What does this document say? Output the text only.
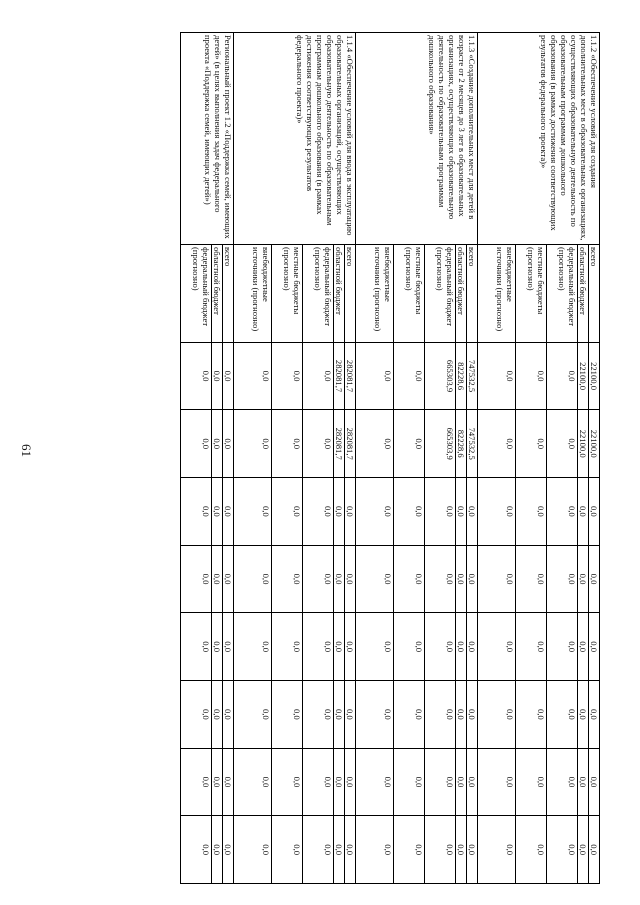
61
1.1.2 «Обеспечение условий для создания дополнительных мест в образовательных организациях, осуществляющих образовательную деятельность по образовательным программам дошкольного образования (в рамках достижения соответствующих результатов федерального проекта)»	всего	22100,0	22100,0	0,0	0,0	0,0	0,0	0,0	0,0
	областной бюджет	22100,0	22100,0	0,0	0,0	0,0	0,0	0,0	0,0
	федеральный бюджет (прогнозно)	0,0	0,0	0,0	0,0	0,0	0,0	0,0	0,0
	местные бюджеты (прогнозно)	0,0	0,0	0,0	0,0	0,0	0,0	0,0	0,0
	внебюджетные источники (прогнозно)	0,0	0,0	0,0	0,0	0,0	0,0	0,0	0,0
1.1.3 «Создание дополнительных мест для детей в возрасте от 2 месяцев до 3 лет в образовательных организациях, осуществляющих образовательную деятельность по образовательным программам дошкольного образования»	всего	747532,5	747532,5	0,0	0,0	0,0	0,0	0,0	0,0
	областной бюджет	82228,6	82228,6	0,0	0,0	0,0	0,0	0,0	0,0
	федеральный бюджет (прогнозно)	665303,9	665303,9	0,0	0,0	0,0	0,0	0,0	0,0
	местные бюджеты (прогнозно)	0,0	0,0	0,0	0,0	0,0	0,0	0,0	0,0
	внебюджетные источники (прогнозно)	0,0	0,0	0,0	0,0	0,0	0,0	0,0	0,0
1.1.4 «Обеспечение условий для ввода в эксплуатацию образовательных организаций, осуществляющих образовательную деятельность по образовательным программам дошкольного образования (в рамках достижения соответствующих результатов федерального проекта)»	всего	282081,7	282081,7	0,0	0,0	0,0	0,0	0,0	0,0
	областной бюджет	282081,7	282081,7	0,0	0,0	0,0	0,0	0,0	0,0
	федеральный бюджет (прогнозно)	0,0	0,0	0,0	0,0	0,0	0,0	0,0	0,0
	местные бюджеты (прогнозно)	0,0	0,0	0,0	0,0	0,0	0,0	0,0	0,0
	внебюджетные источники (прогнозно)	0,0	0,0	0,0	0,0	0,0	0,0	0,0	0,0
Региональный проект 1.2 «Поддержка семей, имеющих детей» (в целях выполнения задач федерального проекта «Поддержка семей, имеющих детей»)	всего	0,0	0,0	0,0	0,0	0,0	0,0	0,0	0,0
	областной бюджет	0,0	0,0	0,0	0,0	0,0	0,0	0,0	0,0
	федеральный бюджет (прогнозно)	0,0	0,0	0,0	0,0	0,0	0,0	0,0	0,0
